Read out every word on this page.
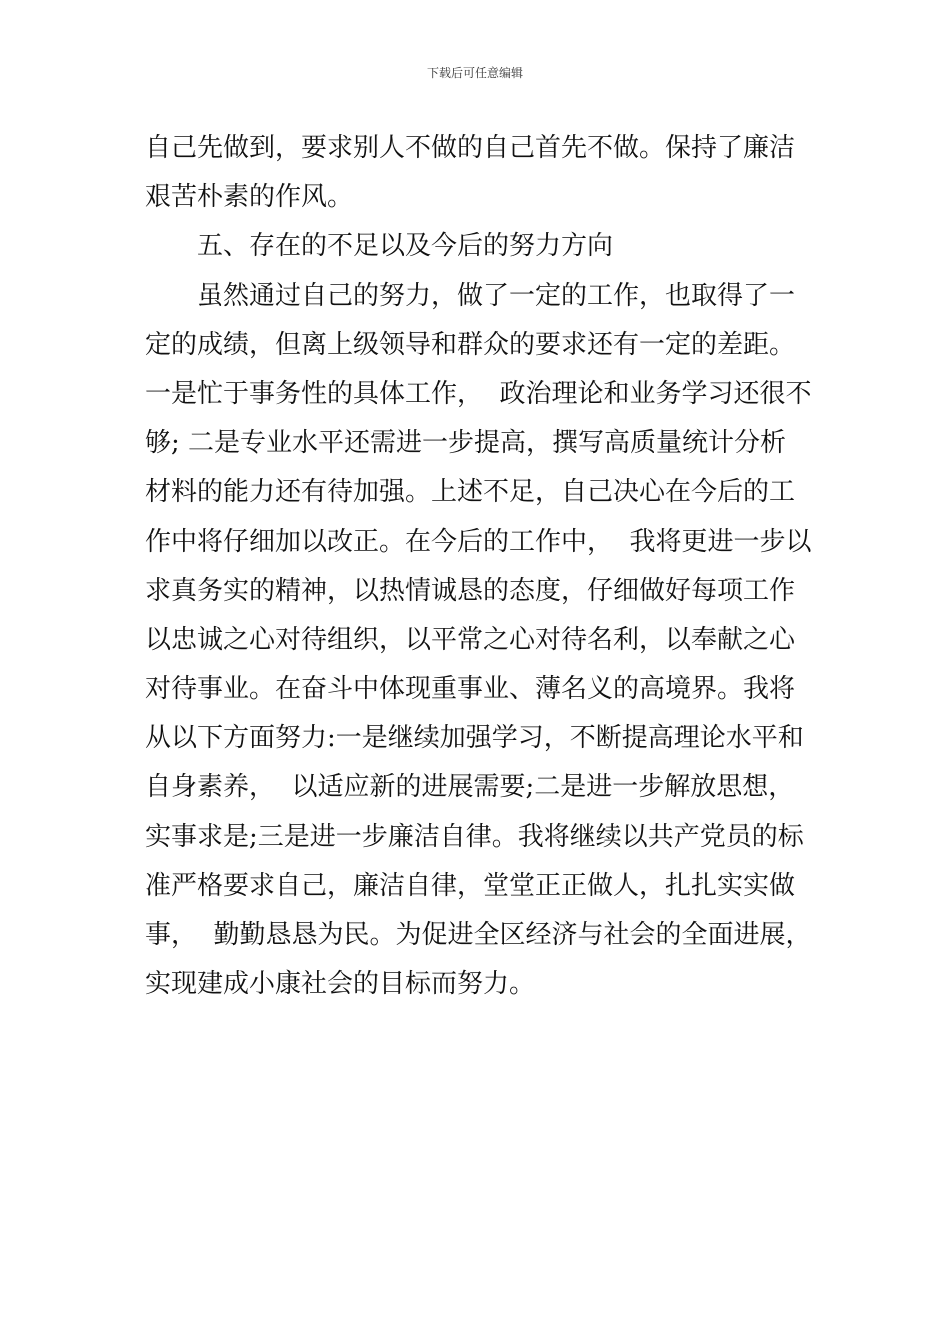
下载后可任意编辑
自己先做到，要求别人不做的自己首先不做。保持了廉洁
艰苦朴素的作风。
五、存在的不足以及今后的努力方向
虽然通过自己的努力，做了一定的工作，也取得了一
定的成绩，但离上级领导和群众的要求还有一定的差距。
一是忙于事务性的具体工作，  政治理论和业务学习还很不
够; 二是专业水平还需进一步提高，撰写高质量统计分析
材料的能力还有待加强。上述不足，自己决心在今后的工
作中将仔细加以改正。在今后的工作中，  我将更进一步以
求真务实的精神，以热情诚恳的态度，仔细做好每项工作
以忠诚之心对待组织，以平常之心对待名利，以奉献之心
对待事业。在奋斗中体现重事业、薄名义的高境界。我将
从以下方面努力:一是继续加强学习，不断提高理论水平和
自身素养，  以适应新的进展需要;二是进一步解放思想，
实事求是;三是进一步廉洁自律。我将继续以共产党员的标
准严格要求自己，廉洁自律，堂堂正正做人，扎扎实实做
事，  勤勤恳恳为民。为促进全区经济与社会的全面进展，
实现建成小康社会的目标而努力。
